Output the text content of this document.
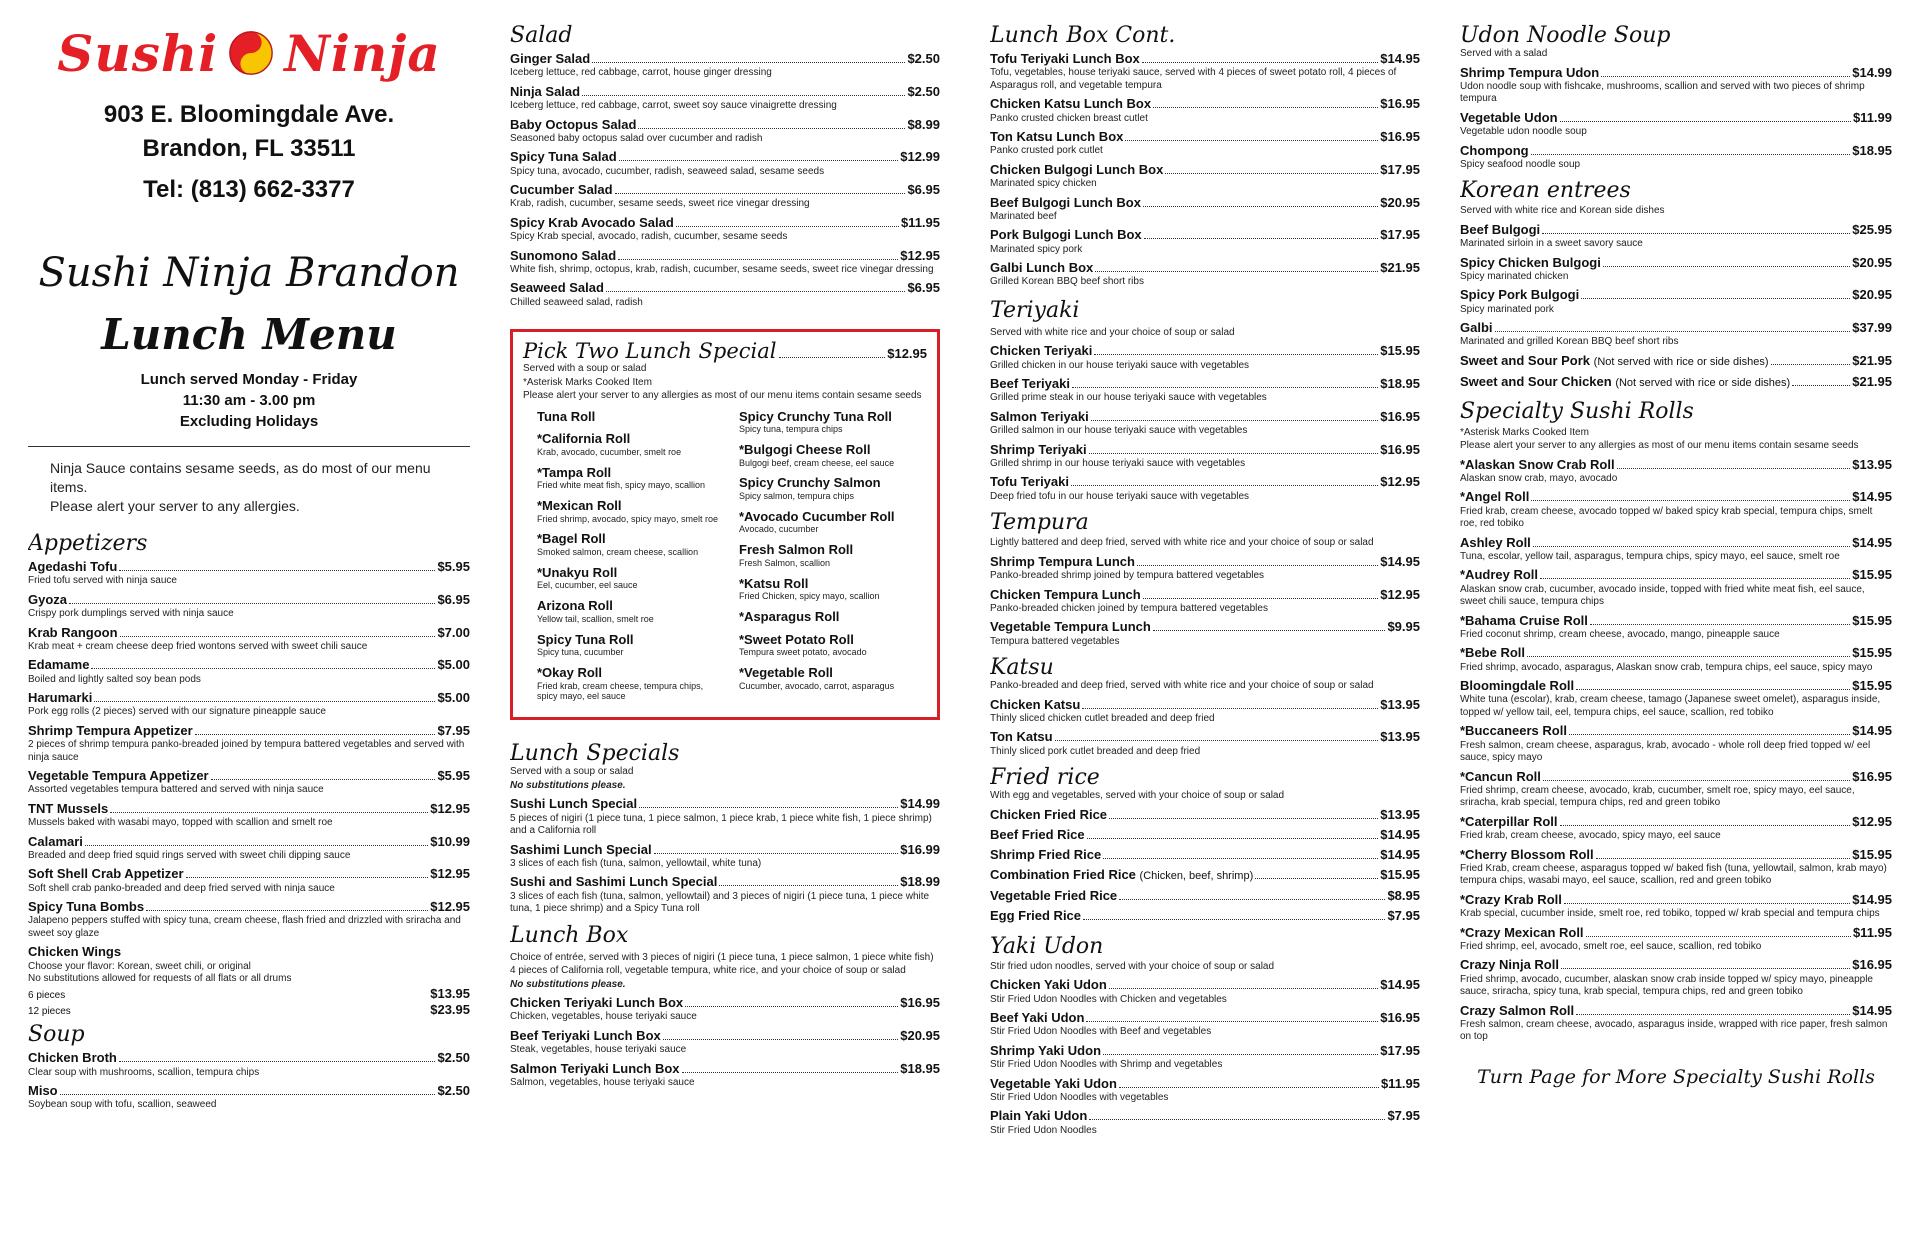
Sushi Ninja
903 E. Bloomingdale Ave.
Brandon, FL 33511
Tel: (813) 662-3377
Sushi Ninja Brandon
Lunch Menu
Lunch served Monday - Friday
11:30 am - 3.00 pm
Excluding Holidays
Ninja Sauce contains sesame seeds, as do most of our menu items.
Please alert your server to any allergies.
Appetizers
Agedashi Tofu	$5.95
Fried tofu served with ninja sauce
Gyoza	$6.95
Crispy pork dumplings served with ninja sauce
Krab Rangoon	$7.00
Krab meat + cream cheese deep fried wontons served with sweet chili sauce
Edamame	$5.00
Boiled and lightly salted soy bean pods
Harumarki	$5.00
Pork egg rolls (2 pieces) served with our signature pineapple sauce
Shrimp Tempura Appetizer	$7.95
2 pieces of shrimp tempura panko-breaded joined by tempura battered vegetables and served with ninja sauce
Vegetable Tempura Appetizer	$5.95
Assorted vegetables tempura battered and served with ninja sauce
TNT Mussels	$12.95
Mussels baked with wasabi mayo, topped with scallion and smelt roe
Calamari	$10.99
Breaded and deep fried squid rings served with sweet chili dipping sauce
Soft Shell Crab Appetizer	$12.95
Soft shell crab panko-breaded and deep fried served with ninja sauce
Spicy Tuna Bombs	$12.95
Jalapeno peppers stuffed with spicy tuna, cream cheese, flash fried and drizzled with sriracha and sweet soy glaze
Chicken Wings
Choose your flavor: Korean, sweet chili, or original
No substitutions allowed for requests of all flats or all drums
6 pieces	$13.95
12 pieces	$23.95
Soup
Chicken Broth	$2.50
Clear soup with mushrooms, scallion, tempura chips
Miso	$2.50
Soybean soup with tofu, scallion, seaweed
Salad
Ginger Salad	$2.50
Iceberg lettuce, red cabbage, carrot, house ginger dressing
Ninja Salad	$2.50
Iceberg lettuce, red cabbage, carrot, sweet soy sauce vinaigrette dressing
Baby Octopus Salad	$8.99
Seasoned baby octopus salad over cucumber and radish
Spicy Tuna Salad	$12.99
Spicy tuna, avocado, cucumber, radish, seaweed salad, sesame seeds
Cucumber Salad	$6.95
Krab, radish, cucumber, sesame seeds, sweet rice vinegar dressing
Spicy Krab Avocado Salad	$11.95
Spicy Krab special, avocado, radish, cucumber, sesame seeds
Sunomono Salad	$12.95
White fish, shrimp, octopus, krab, radish, cucumber, sesame seeds, sweet rice vinegar dressing
Seaweed Salad	$6.95
Chilled seaweed salad, radish
Pick Two Lunch Special	$12.95
Served with a soup or salad
*Asterisk Marks Cooked Item
Please alert your server to any allergies as most of our menu items contain sesame seeds
Tuna Roll
*California Roll
Krab, avocado, cucumber, smelt roe
*Tampa Roll
Fried white meat fish, spicy mayo, scallion
*Mexican Roll
Fried shrimp, avocado, spicy mayo, smelt roe
*Bagel Roll
Smoked salmon, cream cheese, scallion
*Unakyu Roll
Eel, cucumber, eel sauce
Arizona Roll
Yellow tail, scallion, smelt roe
Spicy Tuna Roll
Spicy tuna, cucumber
*Okay Roll
Fried krab, cream cheese, tempura chips, spicy mayo, eel sauce
Spicy Crunchy Tuna Roll
Spicy tuna, tempura chips
*Bulgogi Cheese Roll
Bulgogi beef, cream cheese, eel sauce
Spicy Crunchy Salmon
Spicy salmon, tempura chips
*Avocado Cucumber Roll
Avocado, cucumber
Fresh Salmon Roll
Fresh Salmon, scallion
*Katsu Roll
Fried Chicken, spicy mayo, scallion
*Asparagus Roll
*Sweet Potato Roll
Tempura sweet potato, avocado
*Vegetable Roll
Cucumber, avocado, carrot, asparagus
Lunch Specials
Served with a soup or salad
No substitutions please.
Sushi Lunch Special	$14.99
5 pieces of nigiri (1 piece tuna, 1 piece salmon, 1 piece krab, 1 piece white fish, 1 piece shrimp) and a California roll
Sashimi Lunch Special	$16.99
3 slices of each fish (tuna, salmon, yellowtail, white tuna)
Sushi and Sashimi Lunch Special	$18.99
3 slices of each fish (tuna, salmon, yellowtail) and 3 pieces of nigiri (1 piece tuna, 1 piece white tuna, 1 piece shrimp) and a Spicy Tuna roll
Lunch Box
Choice of entrée, served with 3 pieces of nigiri (1 piece tuna, 1 piece salmon, 1 piece white fish) 4 pieces of California roll, vegetable tempura, white rice, and your choice of soup or salad
No substitutions please.
Chicken Teriyaki Lunch Box	$16.95
Chicken, vegetables, house teriyaki sauce
Beef Teriyaki Lunch Box	$20.95
Steak, vegetables, house teriyaki sauce
Salmon Teriyaki Lunch Box	$18.95
Salmon, vegetables, house teriyaki sauce
Lunch Box Cont.
Tofu Teriyaki Lunch Box	$14.95
Tofu, vegetables, house teriyaki sauce, served with 4 pieces of sweet potato roll, 4 pieces of Asparagus roll, and vegetable tempura
Chicken Katsu Lunch Box	$16.95
Panko crusted chicken breast cutlet
Ton Katsu Lunch Box	$16.95
Panko crusted pork cutlet
Chicken Bulgogi Lunch Box	$17.95
Marinated spicy chicken
Beef Bulgogi Lunch Box	$20.95
Marinated beef
Pork Bulgogi Lunch Box	$17.95
Marinated spicy pork
Galbi Lunch Box	$21.95
Grilled Korean BBQ beef short ribs
Teriyaki
Served with white rice and your choice of soup or salad
Chicken Teriyaki	$15.95
Grilled chicken in our house teriyaki sauce with vegetables
Beef Teriyaki	$18.95
Grilled prime steak in our house teriyaki sauce with vegetables
Salmon Teriyaki	$16.95
Grilled salmon in our house teriyaki sauce with vegetables
Shrimp Teriyaki	$16.95
Grilled shrimp in our house teriyaki sauce with vegetables
Tofu Teriyaki	$12.95
Deep fried tofu in our house teriyaki sauce with vegetables
Tempura
Lightly battered and deep fried, served with white rice and your choice of soup or salad
Shrimp Tempura Lunch	$14.95
Panko-breaded shrimp joined by tempura battered vegetables
Chicken Tempura Lunch	$12.95
Panko-breaded chicken joined by tempura battered vegetables
Vegetable Tempura Lunch	$9.95
Tempura battered vegetables
Katsu
Panko-breaded and deep fried, served with white rice and your choice of soup or salad
Chicken Katsu	$13.95
Thinly sliced chicken cutlet breaded and deep fried
Ton Katsu	$13.95
Thinly sliced pork cutlet breaded and deep fried
Fried rice
With egg and vegetables, served with your choice of soup or salad
Chicken Fried Rice	$13.95
Beef Fried Rice	$14.95
Shrimp Fried Rice	$14.95
Combination Fried Rice (Chicken, beef, shrimp)	$15.95
Vegetable Fried Rice	$8.95
Egg Fried Rice	$7.95
Yaki Udon
Stir fried udon noodles, served with your choice of soup or salad
Chicken Yaki Udon	$14.95
Stir Fried Udon Noodles with Chicken and vegetables
Beef Yaki Udon	$16.95
Stir Fried Udon Noodles with Beef and vegetables
Shrimp Yaki Udon	$17.95
Stir Fried Udon Noodles with Shrimp and vegetables
Vegetable Yaki Udon	$11.95
Stir Fried Udon Noodles with vegetables
Plain Yaki Udon	$7.95
Stir Fried Udon Noodles
Udon Noodle Soup
Served with a salad
Shrimp Tempura Udon	$14.99
Udon noodle soup with fishcake, mushrooms, scallion and served with two pieces of shrimp tempura
Vegetable Udon	$11.99
Vegetable udon noodle soup
Chompong	$18.95
Spicy seafood noodle soup
Korean entrees
Served with white rice and Korean side dishes
Beef Bulgogi	$25.95
Marinated sirloin in a sweet savory sauce
Spicy Chicken Bulgogi	$20.95
Spicy marinated chicken
Spicy Pork Bulgogi	$20.95
Spicy marinated pork
Galbi	$37.99
Marinated and grilled Korean BBQ beef short ribs
Sweet and Sour Pork (Not served with rice or side dishes)	$21.95
Sweet and Sour Chicken (Not served with rice or side dishes)	$21.95
Specialty Sushi Rolls
*Asterisk Marks Cooked Item
Please alert your server to any allergies as most of our menu items contain sesame seeds
*Alaskan Snow Crab Roll	$13.95
Alaskan snow crab, mayo, avocado
*Angel Roll	$14.95
Fried krab, cream cheese, avocado topped w/ baked spicy krab special, tempura chips, smelt roe, red tobiko
Ashley Roll	$14.95
Tuna, escolar, yellow tail, asparagus, tempura chips, spicy mayo, eel sauce, smelt roe
*Audrey Roll	$15.95
Alaskan snow crab, cucumber, avocado inside, topped with fried white meat fish, eel sauce, sweet chili sauce, tempura chips
*Bahama Cruise Roll	$15.95
Fried coconut shrimp, cream cheese, avocado, mango, pineapple sauce
*Bebe Roll	$15.95
Fried shrimp, avocado, asparagus, Alaskan snow crab, tempura chips, eel sauce, spicy mayo
Bloomingdale Roll	$15.95
White tuna (escolar), krab, cream cheese, tamago (Japanese sweet omelet), asparagus inside, topped w/ yellow tail, eel, tempura chips, eel sauce, scallion, red tobiko
*Buccaneers Roll	$14.95
Fresh salmon, cream cheese, asparagus, krab, avocado - whole roll deep fried topped w/ eel sauce, spicy mayo
*Cancun Roll	$16.95
Fried shrimp, cream cheese, avocado, krab, cucumber, smelt roe, spicy mayo, eel sauce, sriracha, krab special, tempura chips, red and green tobiko
*Caterpillar Roll	$12.95
Fried krab, cream cheese, avocado, spicy mayo, eel sauce
*Cherry Blossom Roll	$15.95
Fried Krab, cream cheese, asparagus topped w/ baked fish (tuna, yellowtail, salmon, krab mayo) tempura chips, wasabi mayo, eel sauce, scallion, red and green tobiko
*Crazy Krab Roll	$14.95
Krab special, cucumber inside, smelt roe, red tobiko, topped w/ krab special and tempura chips
*Crazy Mexican Roll	$11.95
Fried shrimp, eel, avocado, smelt roe, eel sauce, scallion, red tobiko
Crazy Ninja Roll	$16.95
Fried shrimp, avocado, cucumber, alaskan snow crab inside topped w/ spicy mayo, pineapple sauce, sriracha, spicy tuna, krab special, tempura chips, red and green tobiko
Crazy Salmon Roll	$14.95
Fresh salmon, cream cheese, avocado, asparagus inside, wrapped with rice paper, fresh salmon on top
Turn Page for More Specialty Sushi Rolls
